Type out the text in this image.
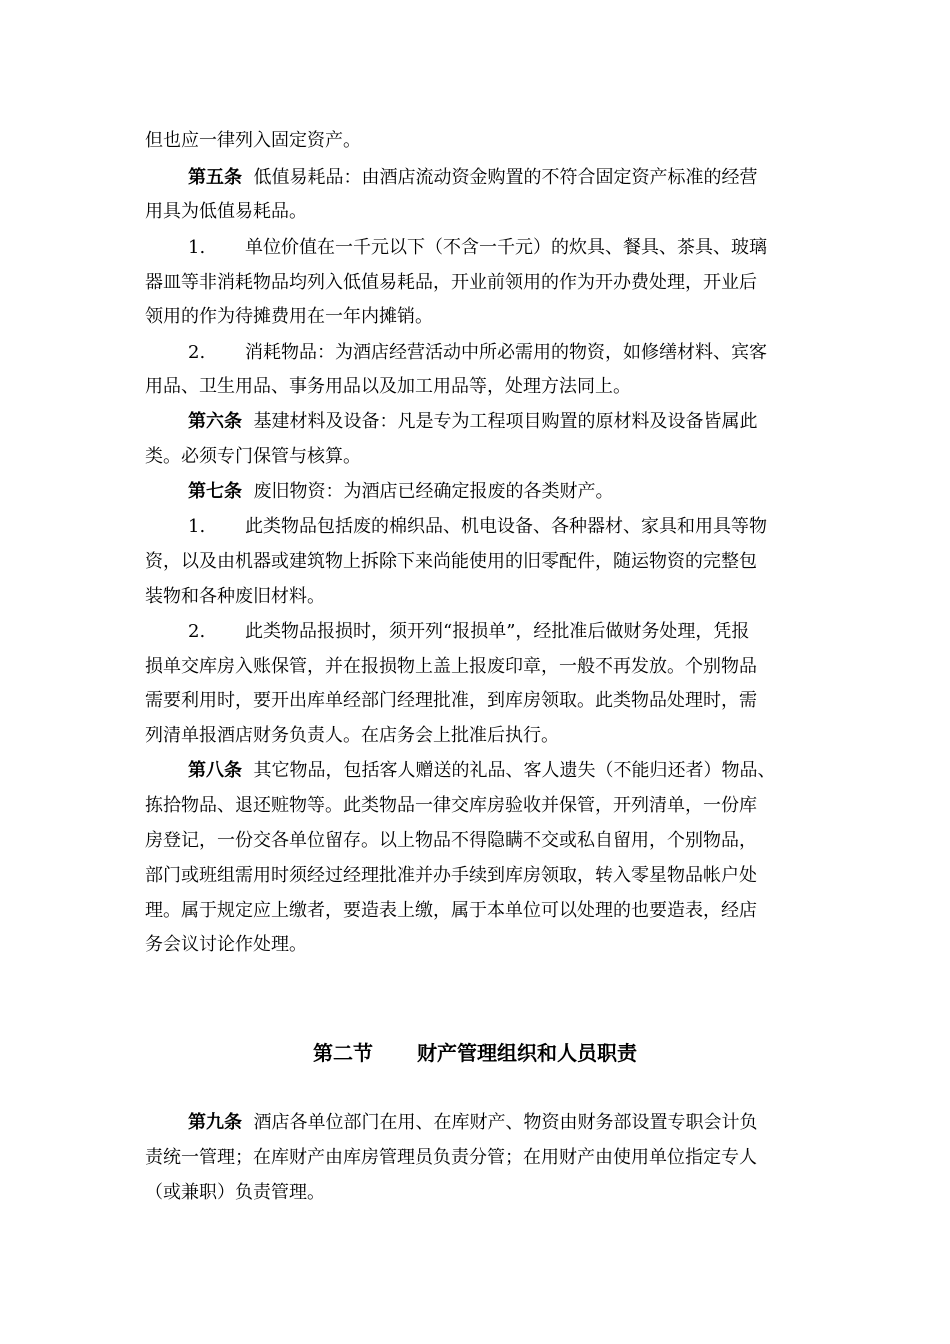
但也应一律列入固定资产。
第五条 低值易耗品：由酒店流动资金购置的不符合固定资产标准的经营
用具为低值易耗品。
1. 单位价值在一千元以下（不含一千元）的炊具、餐具、茶具、玻璃
器皿等非消耗物品均列入低值易耗品，开业前领用的作为开办费处理，开业后
领用的作为待摊费用在一年内摊销。
2. 消耗物品：为酒店经营活动中所必需用的物资，如修缮材料、宾客
用品、卫生用品、事务用品以及加工用品等，处理方法同上。
第六条 基建材料及设备：凡是专为工程项目购置的原材料及设备皆属此
类。必须专门保管与核算。
第七条 废旧物资：为酒店已经确定报废的各类财产。
1. 此类物品包括废的棉织品、机电设备、各种器材、家具和用具等物
资，以及由机器或建筑物上拆除下来尚能使用的旧零配件，随运物资的完整包
装物和各种废旧材料。
2. 此类物品报损时，须开列“报损单”，经批准后做财务处理，凭报
损单交库房入账保管，并在报损物上盖上报废印章，一般不再发放。个别物品
需要利用时，要开出库单经部门经理批准，到库房领取。此类物品处理时，需
列清单报酒店财务负责人。在店务会上批准后执行。
第八条 其它物品，包括客人赠送的礼品、客人遗失（不能归还者）物品、
拣拾物品、退还赃物等。此类物品一律交库房验收并保管，开列清单，一份库
房登记，一份交各单位留存。以上物品不得隐瞒不交或私自留用，个别物品，
部门或班组需用时须经过经理批准并办手续到库房领取，转入零星物品帐户处
理。属于规定应上缴者，要造表上缴，属于本单位可以处理的也要造表，经店
务会议讨论作处理。
第二节 财产管理组织和人员职责
第九条 酒店各单位部门在用、在库财产、物资由财务部设置专职会计负
责统一管理；在库财产由库房管理员负责分管；在用财产由使用单位指定专人
（或兼职）负责管理。
